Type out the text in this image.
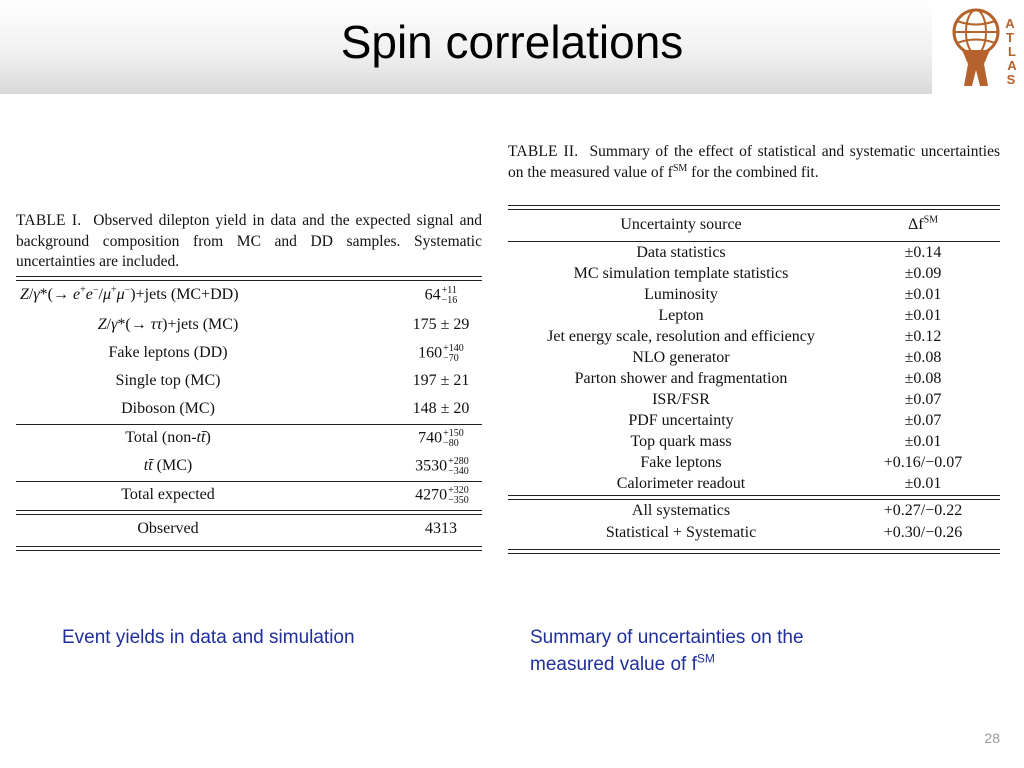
Spin correlations	A
T
L
A
S
TABLE I. Observed dilepton yield in data and the expected signal and background composition from MC and DD samples. Systematic uncertainties are included.
Z/γ*(→ e+e−/μ+μ−)+jets (MC+DD)	64 +11
−16
Z/γ*(→ ττ)+jets (MC)	175 ± 29
Fake leptons (DD)	160 +140
−70
Single top (MC)	197 ± 21
Diboson (MC)	148 ± 20
Total (non-tt̄)	740 +150
−80
tt̄ (MC)	3530 +280
−340
Total expected	4270 +320
−350
Observed	4313
TABLE II. Summary of the effect of statistical and systematic uncertainties on the measured value of f℠ for the combined fit.
Uncertainty source	Δf℠
Data statistics	±0.14
MC simulation template statistics	±0.09
Luminosity	±0.01
Lepton	±0.01
Jet energy scale, resolution and efficiency	±0.12
NLO generator	±0.08
Parton shower and fragmentation	±0.08
ISR/FSR	±0.07
PDF uncertainty	±0.07
Top quark mass	±0.01
Fake leptons	+0.16/−0.07
Calorimeter readout	±0.01
All systematics	+0.27/−0.22
Statistical + Systematic	+0.30/−0.26
Event yields in data and simulation	Summary of uncertainties on the
measured value of f℠
28
